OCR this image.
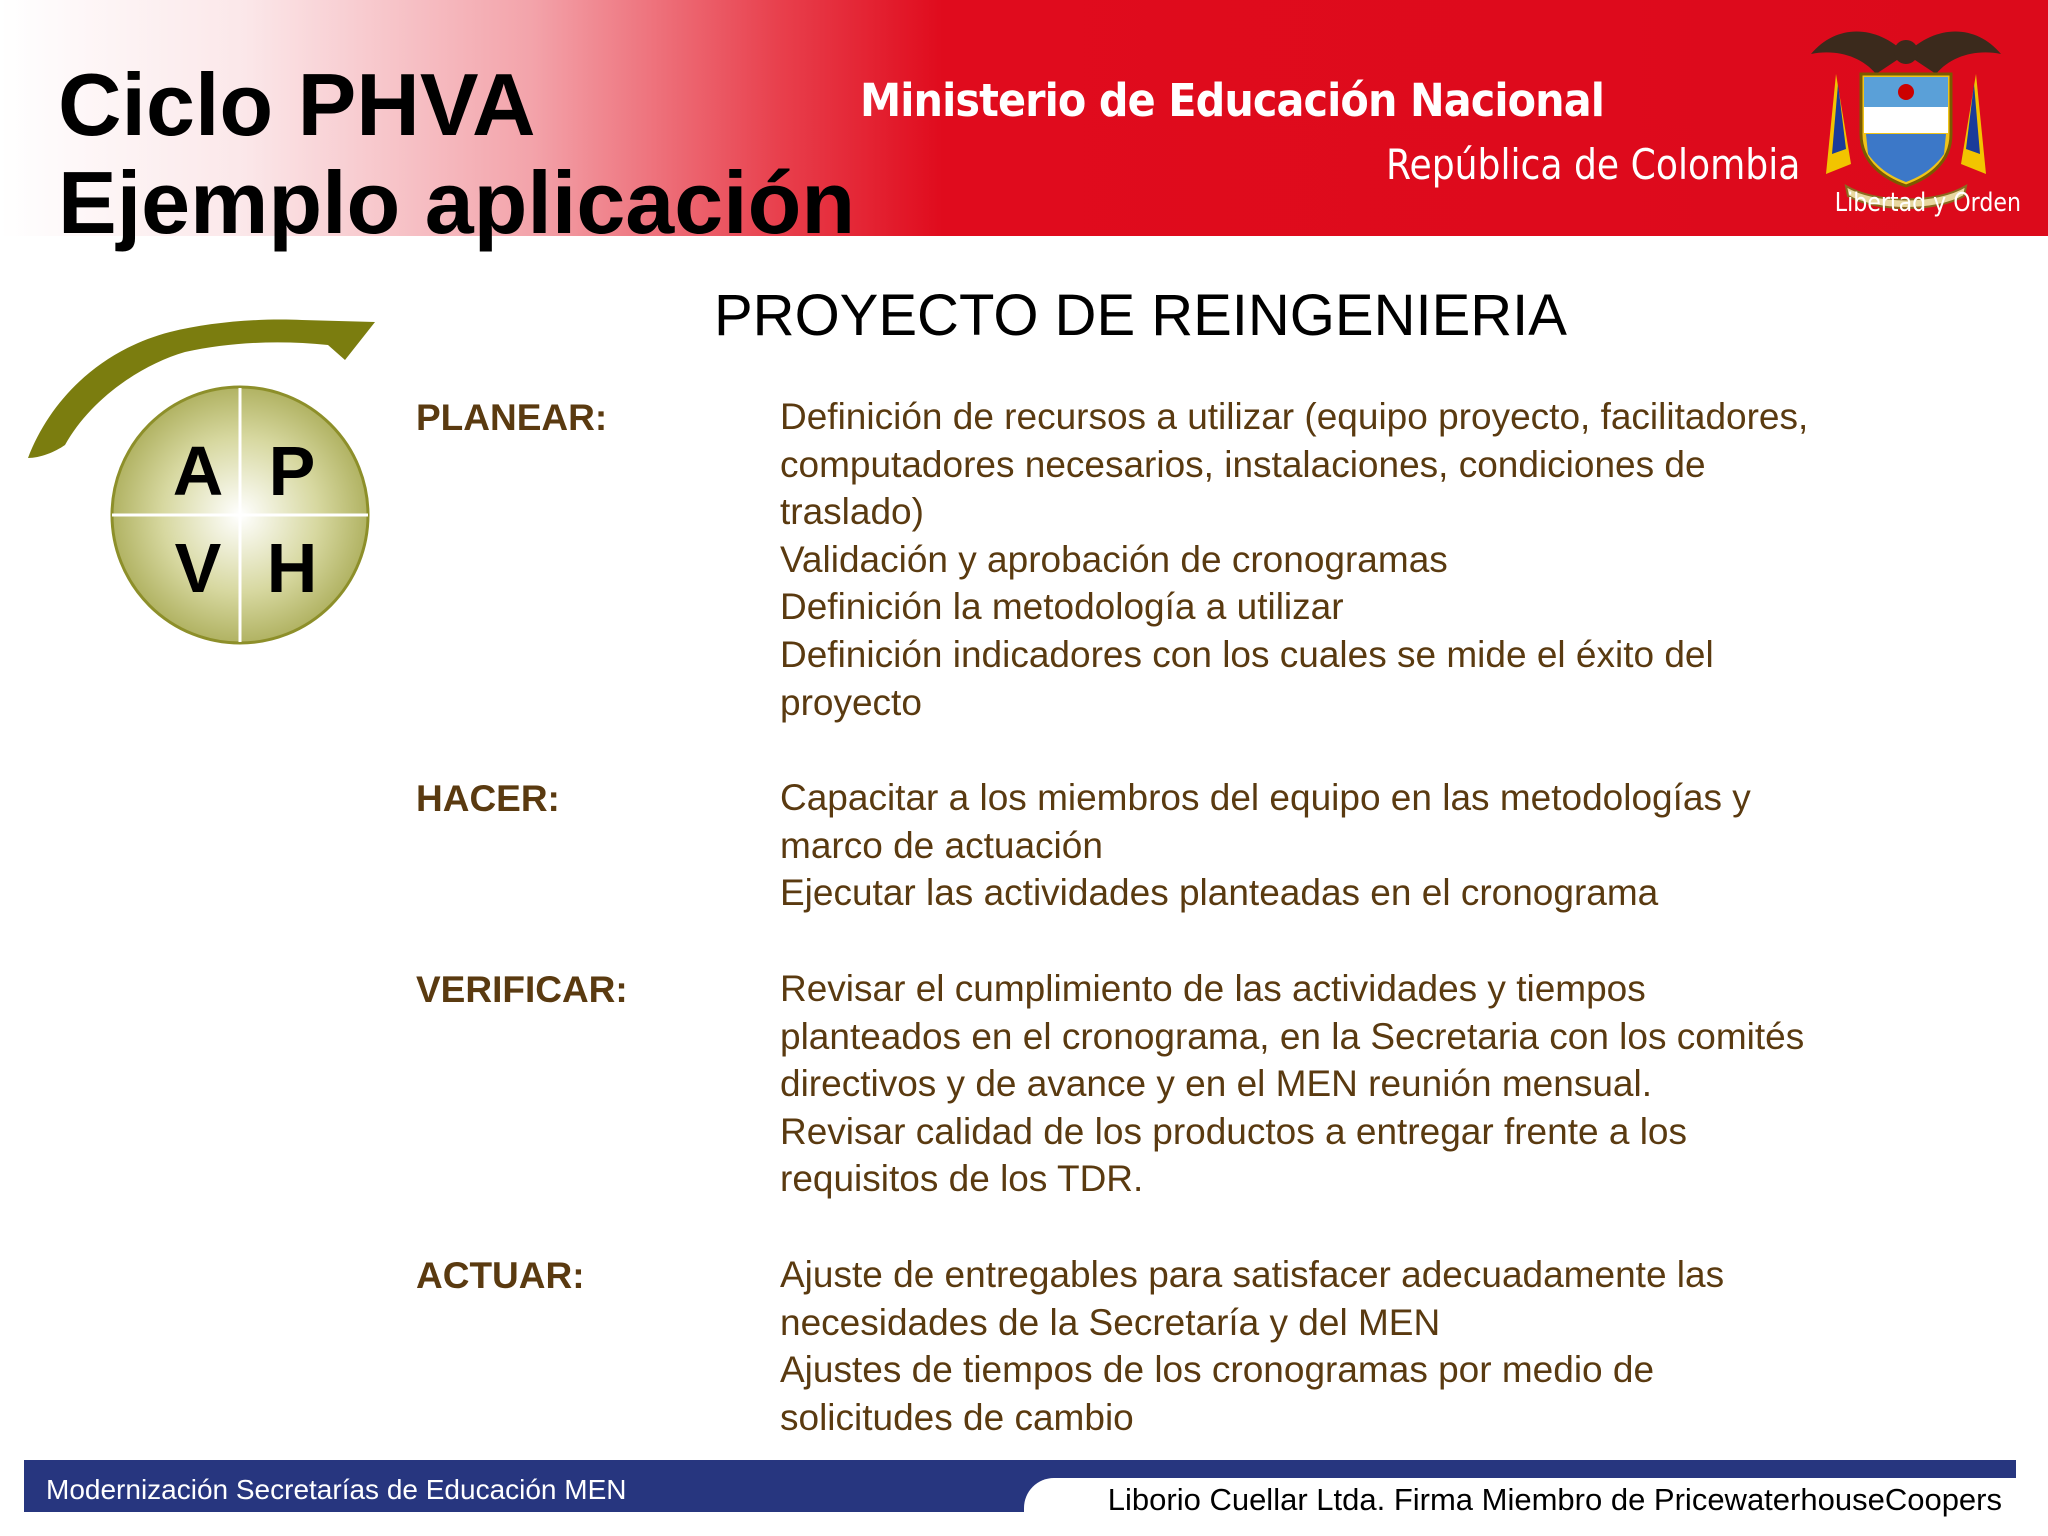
Ciclo PHVA
Ejemplo aplicación
Ministerio de Educación Nacional
República de Colombia
Libertad y Orden
PROYECTO DE REINGENIERIA
A P
V H
PLANEAR:	Definición de recursos a utilizar (equipo proyecto, facilitadores,
computadores necesarios, instalaciones, condiciones de
traslado)
Validación y aprobación de cronogramas
Definición la metodología a utilizar
Definición indicadores con los cuales se mide el éxito del
proyecto
HACER:	Capacitar a los miembros del equipo en las metodologías y
marco de actuación
Ejecutar las actividades planteadas en el cronograma
VERIFICAR:	Revisar el cumplimiento de las actividades y tiempos
planteados en el cronograma, en la Secretaria con los comités
directivos y de avance y en el MEN reunión mensual.
Revisar calidad de los productos a entregar frente a los
requisitos de los TDR.
ACTUAR:	Ajuste de entregables para satisfacer adecuadamente las
necesidades de la Secretaría y del MEN
Ajustes de tiempos de los cronogramas por medio de
solicitudes de cambio
Modernización Secretarías de Educación MEN	Liborio Cuellar Ltda. Firma Miembro de PricewaterhouseCoopers
